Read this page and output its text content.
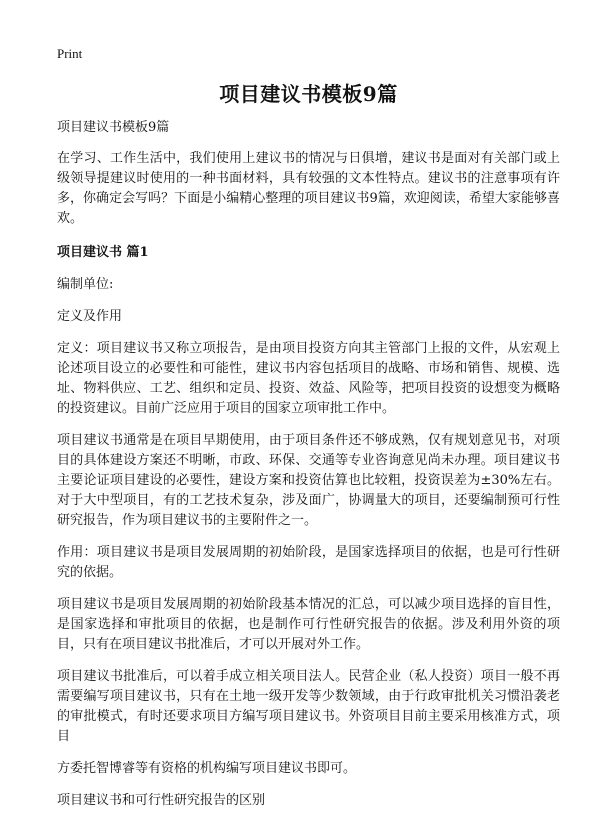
Print
项目建议书模板9篇

项目建议书模板9篇

在学习、工作生活中，我们使用上建议书的情况与日俱增，建议书是面对有关部门或上级领导提建议时使用的一种书面材料，具有较强的文本性特点。建议书的注意事项有许多，你确定会写吗？下面是小编精心整理的项目建议书9篇，欢迎阅读，希望大家能够喜欢。

项目建议书 篇1

编制单位:

定义及作用

定义：项目建议书又称立项报告，是由项目投资方向其主管部门上报的文件，从宏观上论述项目设立的必要性和可能性，建议书内容包括项目的战略、市场和销售、规模、选址、物料供应、工艺、组织和定员、投资、效益、风险等，把项目投资的设想变为概略的投资建议。目前广泛应用于项目的国家立项审批工作中。

项目建议书通常是在项目早期使用，由于项目条件还不够成熟，仅有规划意见书，对项目的具体建设方案还不明晰，市政、环保、交通等专业咨询意见尚未办理。项目建议书主要论证项目建设的必要性，建设方案和投资估算也比较粗，投资误差为±30%左右。对于大中型项目，有的工艺技术复杂，涉及面广，协调量大的项目，还要编制预可行性研究报告，作为项目建议书的主要附件之一。

作用：项目建议书是项目发展周期的初始阶段，是国家选择项目的依据，也是可行性研究的依据。

项目建议书是项目发展周期的初始阶段基本情况的汇总，可以减少项目选择的盲目性，是国家选择和审批项目的依据，也是制作可行性研究报告的依据。涉及利用外资的项目，只有在项目建议书批准后，才可以开展对外工作。

项目建议书批准后，可以着手成立相关项目法人。民营企业（私人投资）项目一般不再需要编写项目建议书，只有在土地一级开发等少数领域，由于行政审批机关习惯沿袭老的审批模式，有时还要求项目方编写项目建议书。外资项目目前主要采用核准方式，项目

方委托智博睿等有资格的机构编写项目建议书即可。

项目建议书和可行性研究报告的区别
